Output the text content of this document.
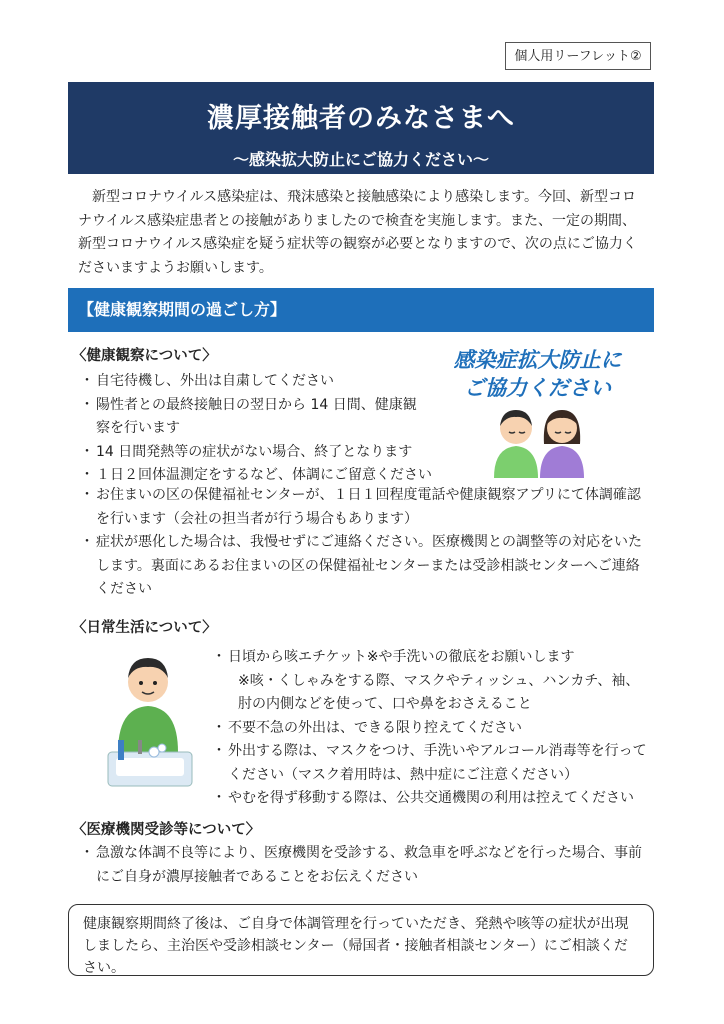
個人用リーフレット②
濃厚接触者のみなさまへ
～感染拡大防止にご協力ください～
新型コロナウイルス感染症は、飛沫感染と接触感染により感染します。今回、新型コロナウイルス感染症患者との接触がありましたので検査を実施します。また、一定の期間、新型コロナウイルス感染症を疑う症状等の観察が必要となりますので、次の点にご協力くださいますようお願いします。
【健康観察期間の過ごし方】
〈健康観察について〉
・ 自宅待機し、外出は自粛してください
・ 陽性者との最終接触日の翌日から 14 日間、健康観察を行います
・ 14 日間発熱等の症状がない場合、終了となります
・ １日２回体温測定をするなど、体調にご留意ください
・ お住まいの区の保健福祉センターが、１日１回程度電話や健康観察アプリにて体調確認を行います（会社の担当者が行う場合もあります）
・ 症状が悪化した場合は、我慢せずにご連絡ください。医療機関との調整等の対応をいたします。裏面にあるお住まいの区の保健福祉センターまたは受診相談センターへご連絡ください
感染症拡大防止に
ご協力ください
〈日常生活について〉
・ 日頃から咳エチケット※や手洗いの徹底をお願いします
※咳・くしゃみをする際、マスクやティッシュ、ハンカチ、袖、肘の内側などを使って、口や鼻をおさえること
・ 不要不急の外出は、できる限り控えてください
・ 外出する際は、マスクをつけ、手洗いやアルコール消毒等を行ってください（マスク着用時は、熱中症にご注意ください）
・ やむを得ず移動する際は、公共交通機関の利用は控えてください
〈医療機関受診等について〉
・ 急激な体調不良等により、医療機関を受診する、救急車を呼ぶなどを行った場合、事前にご自身が濃厚接触者であることをお伝えください
健康観察期間終了後は、ご自身で体調管理を行っていただき、発熱や咳等の症状が出現しましたら、主治医や受診相談センター（帰国者・接触者相談センター）にご相談ください。
